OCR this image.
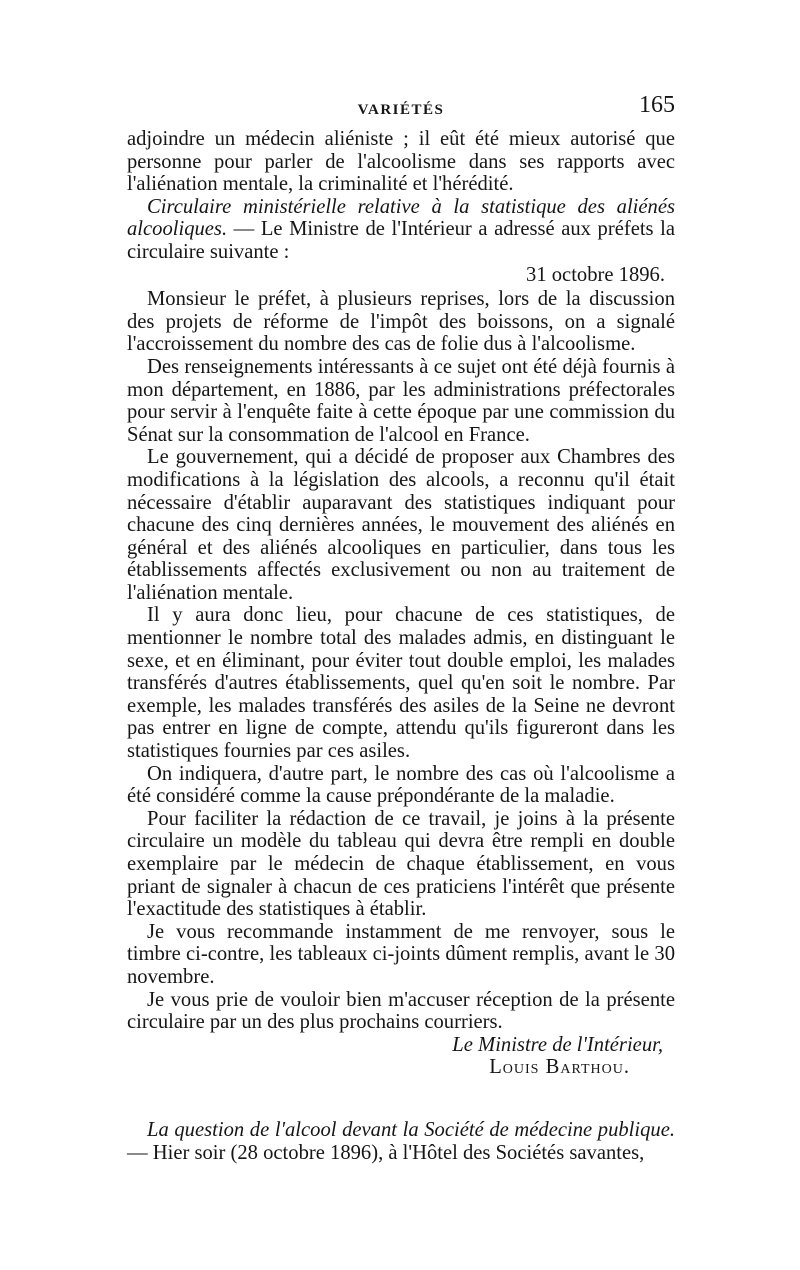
VARIÉTÉS	165

adjoindre un médecin aliéniste ; il eût été mieux autorisé que personne pour parler de l'alcoolisme dans ses rapports avec l'aliénation mentale, la criminalité et l'hérédité.

Circulaire ministérielle relative à la statistique des aliénés alcooliques. — Le Ministre de l'Intérieur a adressé aux préfets la circulaire suivante :

31 octobre 1896.

Monsieur le préfet, à plusieurs reprises, lors de la discussion des projets de réforme de l'impôt des boissons, on a signalé l'accroissement du nombre des cas de folie dus à l'alcoolisme.

Des renseignements intéressants à ce sujet ont été déjà fournis à mon département, en 1886, par les administrations préfectorales pour servir à l'enquête faite à cette époque par une commission du Sénat sur la consommation de l'alcool en France.

Le gouvernement, qui a décidé de proposer aux Chambres des modifications à la législation des alcools, a reconnu qu'il était nécessaire d'établir auparavant des statistiques indiquant pour chacune des cinq dernières années, le mouvement des aliénés en général et des aliénés alcooliques en particulier, dans tous les établissements affectés exclusivement ou non au traitement de l'aliénation mentale.

Il y aura donc lieu, pour chacune de ces statistiques, de mentionner le nombre total des malades admis, en distinguant le sexe, et en éliminant, pour éviter tout double emploi, les malades transférés d'autres établissements, quel qu'en soit le nombre. Par exemple, les malades transférés des asiles de la Seine ne devront pas entrer en ligne de compte, attendu qu'ils figureront dans les statistiques fournies par ces asiles.

On indiquera, d'autre part, le nombre des cas où l'alcoolisme a été considéré comme la cause prépondérante de la maladie.

Pour faciliter la rédaction de ce travail, je joins à la présente circulaire un modèle du tableau qui devra être rempli en double exemplaire par le médecin de chaque établissement, en vous priant de signaler à chacun de ces praticiens l'intérêt que présente l'exactitude des statistiques à établir.

Je vous recommande instamment de me renvoyer, sous le timbre ci-contre, les tableaux ci-joints dûment remplis, avant le 30 novembre.

Je vous prie de vouloir bien m'accuser réception de la présente circulaire par un des plus prochains courriers.

Le Ministre de l'Intérieur,

Louis Barthou.

La question de l'alcool devant la Société de médecine publique. — Hier soir (28 octobre 1896), à l'Hôtel des Sociétés savantes,
